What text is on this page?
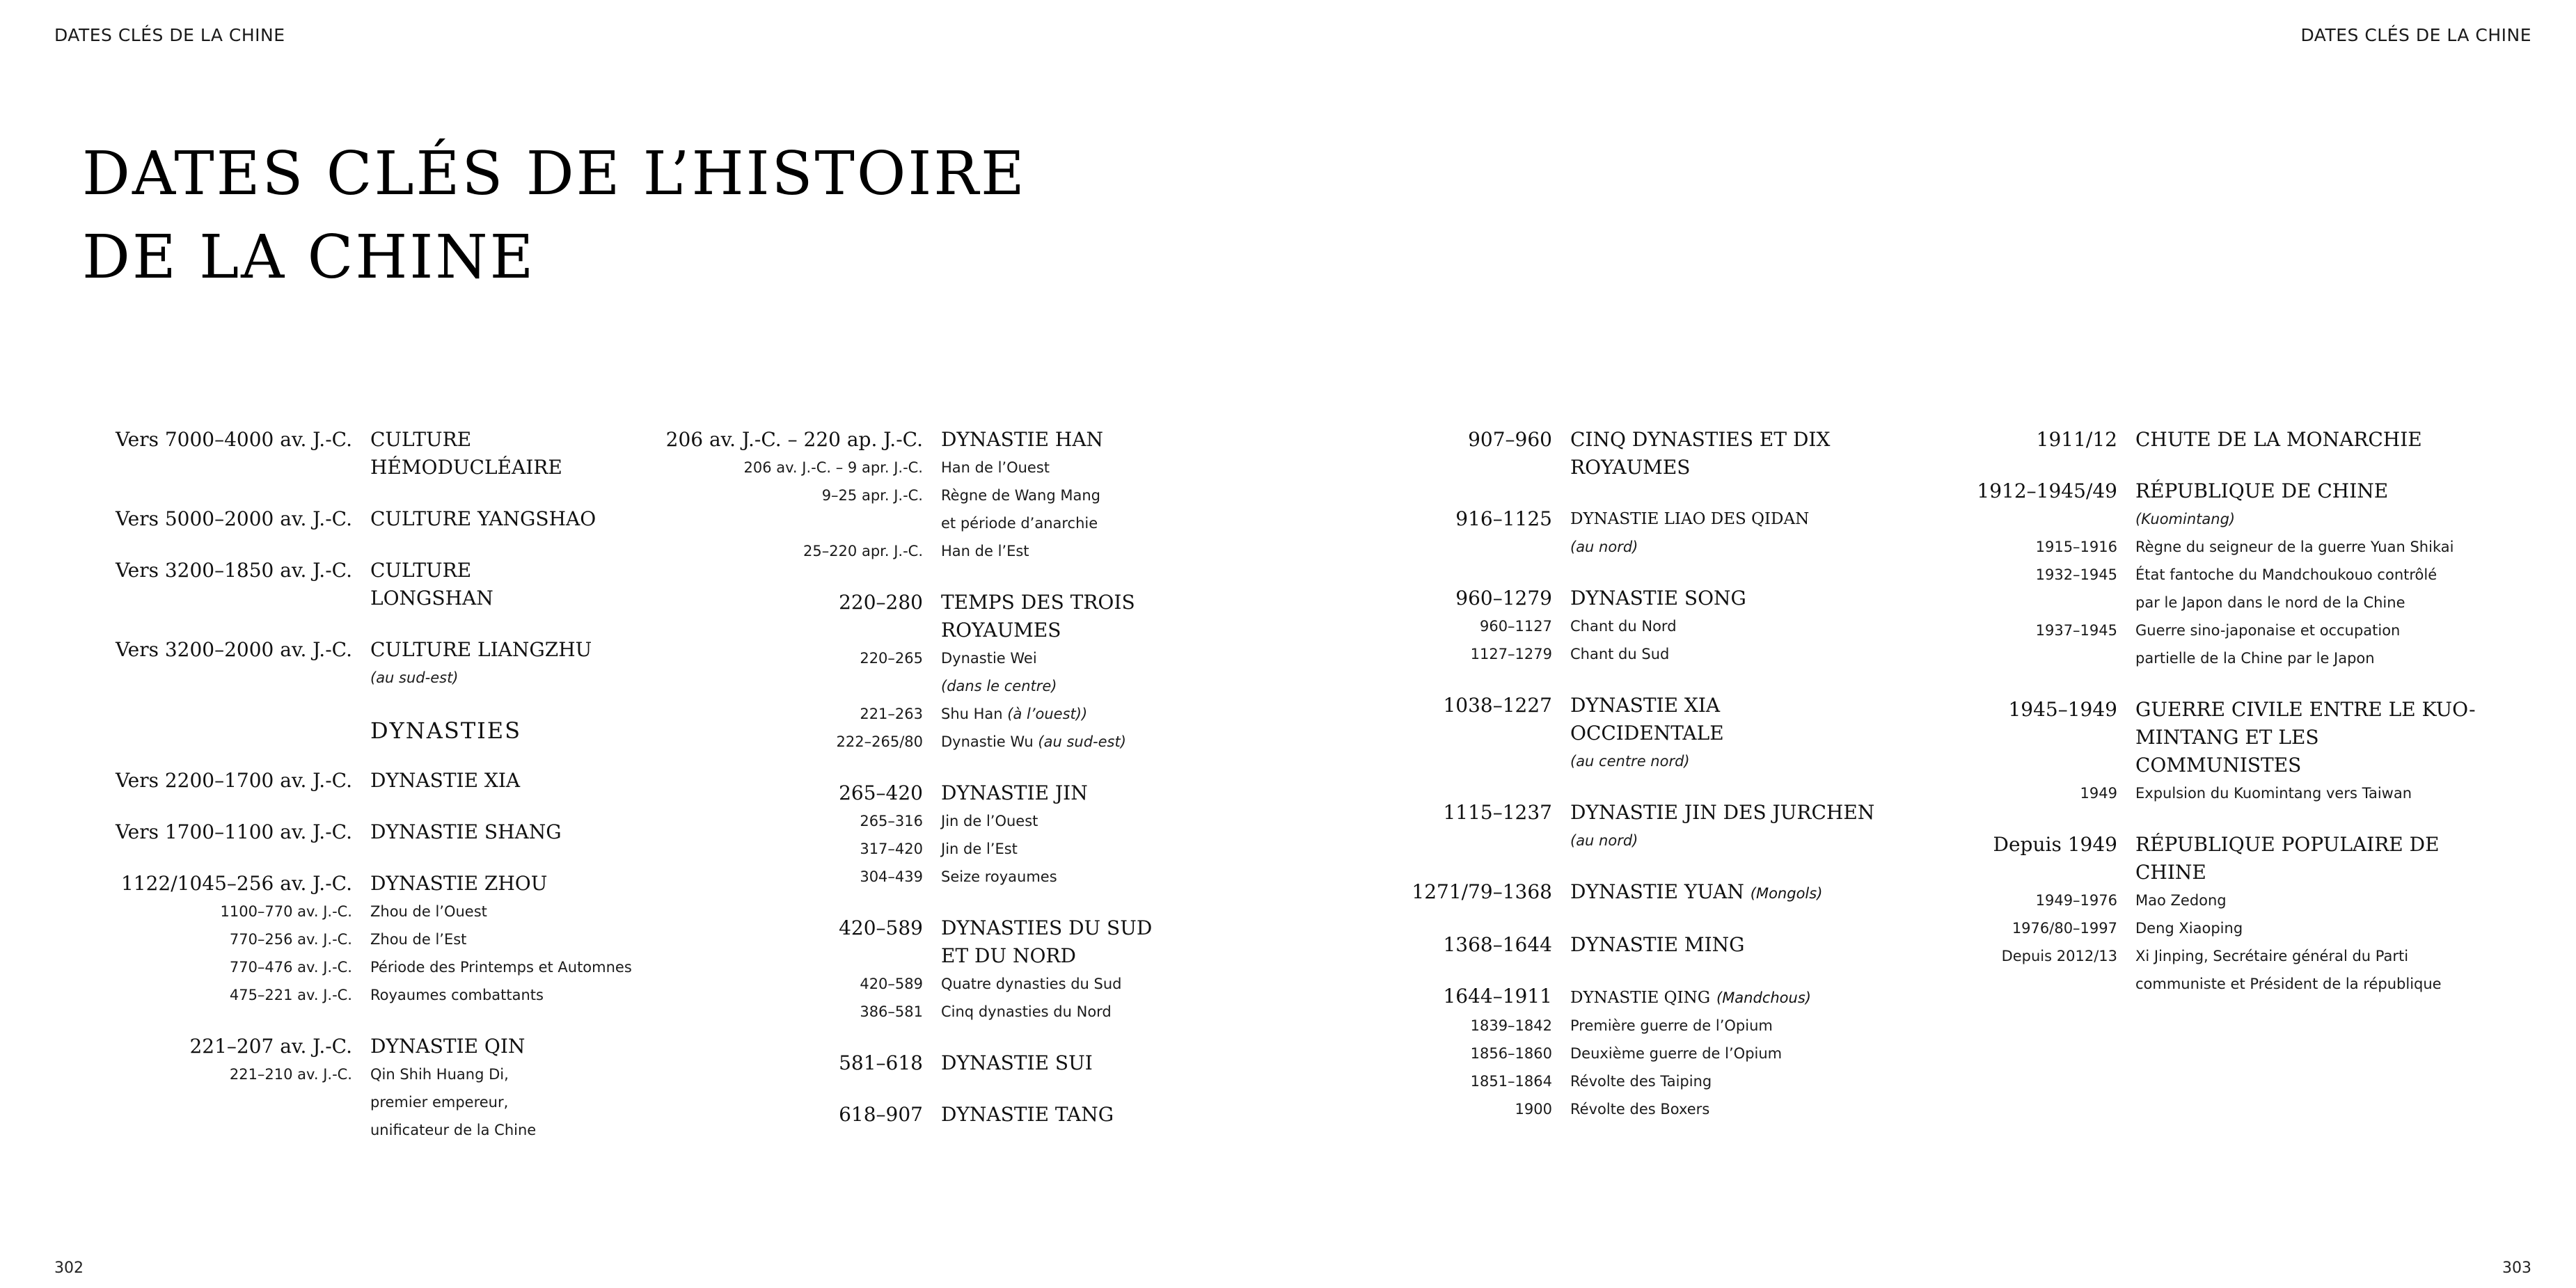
DATES CLÉS DE LA CHINE	DATES CLÉS DE LA CHINE
DATES CLÉS DE L’HISTOIRE
DE LA CHINE
Vers 7000–4000 av. J.-C. CULTURE HÉMODUCLÉAIRE
Vers 5000–2000 av. J.-C. CULTURE YANGSHAO
Vers 3200–1850 av. J.-C. CULTURE LONGSHAN
Vers 3200–2000 av. J.-C. CULTURE LIANGZHU
(au sud-est)
DYNASTIES
Vers 2200–1700 av. J.-C. DYNASTIE XIA
Vers 1700–1100 av. J.-C. DYNASTIE SHANG
1122/1045–256 av. J.-C. DYNASTIE ZHOU
1100–770 av. J.-C.	Zhou de l’Ouest
770–256 av. J.-C.	Zhou de l’Est
770–476 av. J.-C.	Période des Printemps et Automnes
475–221 av. J.-C.	Royaumes combattants
221–207 av. J.-C. DYNASTIE QIN
221–210 av. J.-C.	Qin Shih Huang Di,
premier empereur,
unificateur de la Chine
206 av. J.-C. – 220 ap. J.-C. DYNASTIE HAN
206 av. J.-C. – 9 apr. J.-C.	Han de l’Ouest
9–25 apr. J.-C.	Règne de Wang Mang
et période d’anarchie
25–220 apr. J.-C.	Han de l’Est
220–280 TEMPS DES TROIS ROYAUMES
220–265	Dynastie Wei
(dans le centre)
221–263	Shu Han (à l’ouest))
222–265/80	Dynastie Wu (au sud-est)
265–420 DYNASTIE JIN
265–316	Jin de l’Ouest
317–420	Jin de l’Est
304–439	Seize royaumes
420–589 DYNASTIES DU SUD ET DU NORD
420–589	Quatre dynasties du Sud
386–581	Cinq dynasties du Nord
581–618 DYNASTIE SUI
618–907 DYNASTIE TANG
907–960 CINQ DYNASTIES ET DIX ROYAUMES
916–1125	DYNASTIE LIAO DES QIDAN
(au nord)
960–1279 DYNASTIE SONG
960–1127	Chant du Nord
1127–1279	Chant du Sud
1038–1227 DYNASTIE XIA OCCIDENTALE
(au centre nord)
1115–1237 DYNASTIE JIN DES JURCHEN
(au nord)
1271/79–1368 DYNASTIE YUAN (Mongols)
1368–1644 DYNASTIE MING
1644–1911	DYNASTIE QING (Mandchous)
1839–1842	Première guerre de l’Opium
1856–1860	Deuxième guerre de l’Opium
1851–1864	Révolte des Taiping
1900	Révolte des Boxers
1911/12 CHUTE DE LA MONARCHIE
1912–1945/49 RÉPUBLIQUE DE CHINE
(Kuomintang)
1915–1916	Règne du seigneur de la guerre Yuan Shikai
1932–1945	État fantoche du Mandchoukouo contrôlé
par le Japon dans le nord de la Chine
1937–1945	Guerre sino-japonaise et occupation
partielle de la Chine par le Japon
1945–1949 GUERRE CIVILE ENTRE LE KUO-MINTANG ET LES COMMUNISTES
1949	Expulsion du Kuomintang vers Taiwan
Depuis 1949 RÉPUBLIQUE POPULAIRE DE CHINE
1949–1976	Mao Zedong
1976/80–1997	Deng Xiaoping
Depuis 2012/13	Xi Jinping, Secrétaire général du Parti
communiste et Président de la république
302	303
